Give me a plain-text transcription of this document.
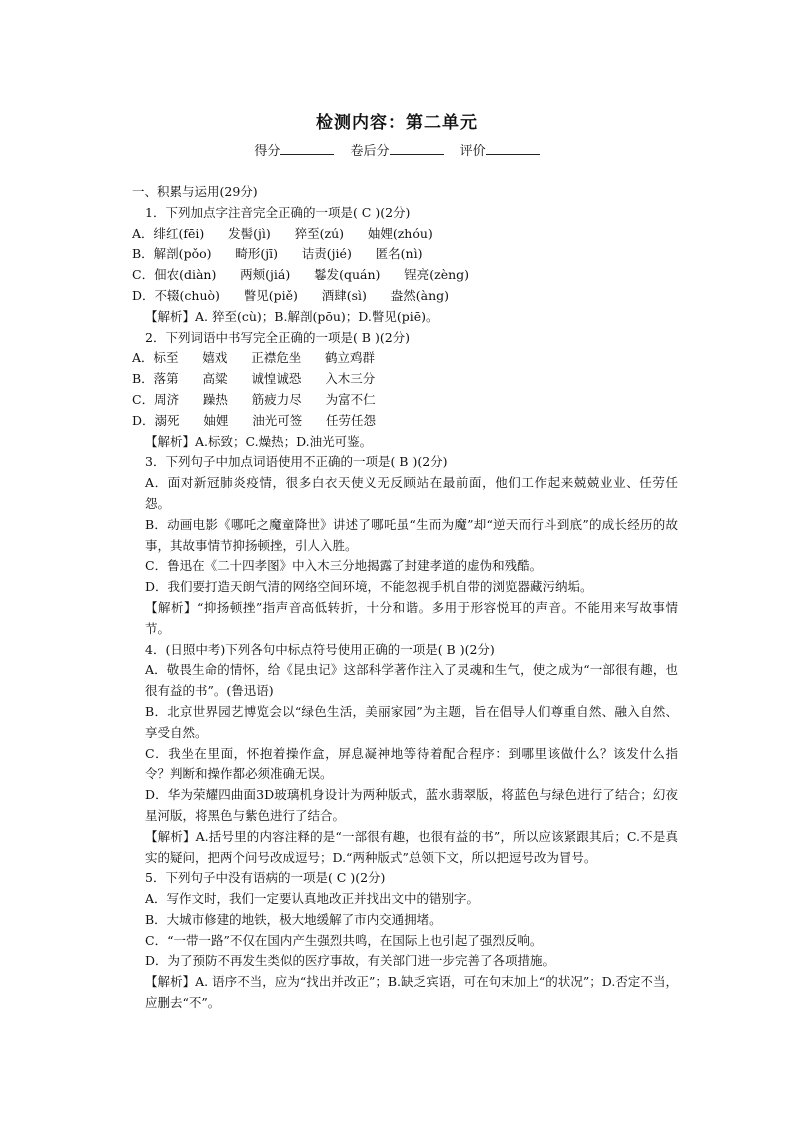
检测内容：第二单元
得分	卷后分	评价

一、积累与运用(29分)

1．下列加点字注音完全正确的一项是( C )(2分)

A．绯红(fēi)      发髻(jì)      猝至(zú)      妯娌(zhóu)

B．解剖(pǒo)      畸形(jī)      诘责(jié)      匿名(nì)

C．佃农(diàn)      两颊(jiá)      鬈发(quán)      锃亮(zèng)

D．不辍(chuò)      瞥见(piě)      酒肆(sì)      盎然(àng)

【解析】A. 猝至(cù)；B.解剖(pōu)；D.瞥见(piē)。

2．下列词语中书写完全正确的一项是( B )(2分)

A．标至      嬉戏      正襟危坐      鹤立鸡群

B．落第      高粱      诚惶诚恐      入木三分

C．周济      躁热      筋疲力尽      为富不仁

D．溺死      妯娌      油光可签      任劳任怨

【解析】A.标致；C.燥热；D.油光可鉴。

3．下列句子中加点词语使用不正确的一项是( B )(2分)

A．面对新冠肺炎疫情，很多白衣天使义无反顾站在最前面，他们工作起来兢兢业业、任劳任怨。

B．动画电影《哪吒之魔童降世》讲述了哪吒虽“生而为魔”却“逆天而行斗到底”的成长经历的故事，其故事情节抑扬顿挫，引人入胜。

C．鲁迅在《二十四孝图》中入木三分地揭露了封建孝道的虚伪和残酷。

D．我们要打造天朗气清的网络空间环境，不能忽视手机自带的浏览器藏污纳垢。

【解析】“抑扬顿挫”指声音高低转折，十分和谐。多用于形容悦耳的声音。不能用来写故事情节。

4．(日照中考)下列各句中标点符号使用正确的一项是( B )(2分)

A．敬畏生命的情怀，给《昆虫记》这部科学著作注入了灵魂和生气，使之成为“一部很有趣，也很有益的书”。(鲁迅语)

B．北京世界园艺博览会以“绿色生活，美丽家园”为主题，旨在倡导人们尊重自然、融入自然、享受自然。

C．我坐在里面，怀抱着操作盒，屏息凝神地等待着配合程序：到哪里该做什么？该发什么指令？判断和操作都必须准确无误。

D．华为荣耀四曲面3D玻璃机身设计为两种版式，蓝水翡翠版，将蓝色与绿色进行了结合；幻夜星河版，将黑色与紫色进行了结合。

【解析】A.括号里的内容注释的是“一部很有趣，也很有益的书”，所以应该紧跟其后；C.不是真实的疑问，把两个问号改成逗号；D.“两种版式”总领下文，所以把逗号改为冒号。

5．下列句子中没有语病的一项是( C )(2分)

A．写作文时，我们一定要认真地改正并找出文中的错别字。

B．大城市修建的地铁，极大地缓解了市内交通拥堵。

C．“一带一路”不仅在国内产生强烈共鸣，在国际上也引起了强烈反响。

D．为了预防不再发生类似的医疗事故，有关部门进一步完善了各项措施。

【解析】A. 语序不当，应为“找出并改正”；B.缺乏宾语，可在句末加上“的状况”；D.否定不当，应删去“不”。
